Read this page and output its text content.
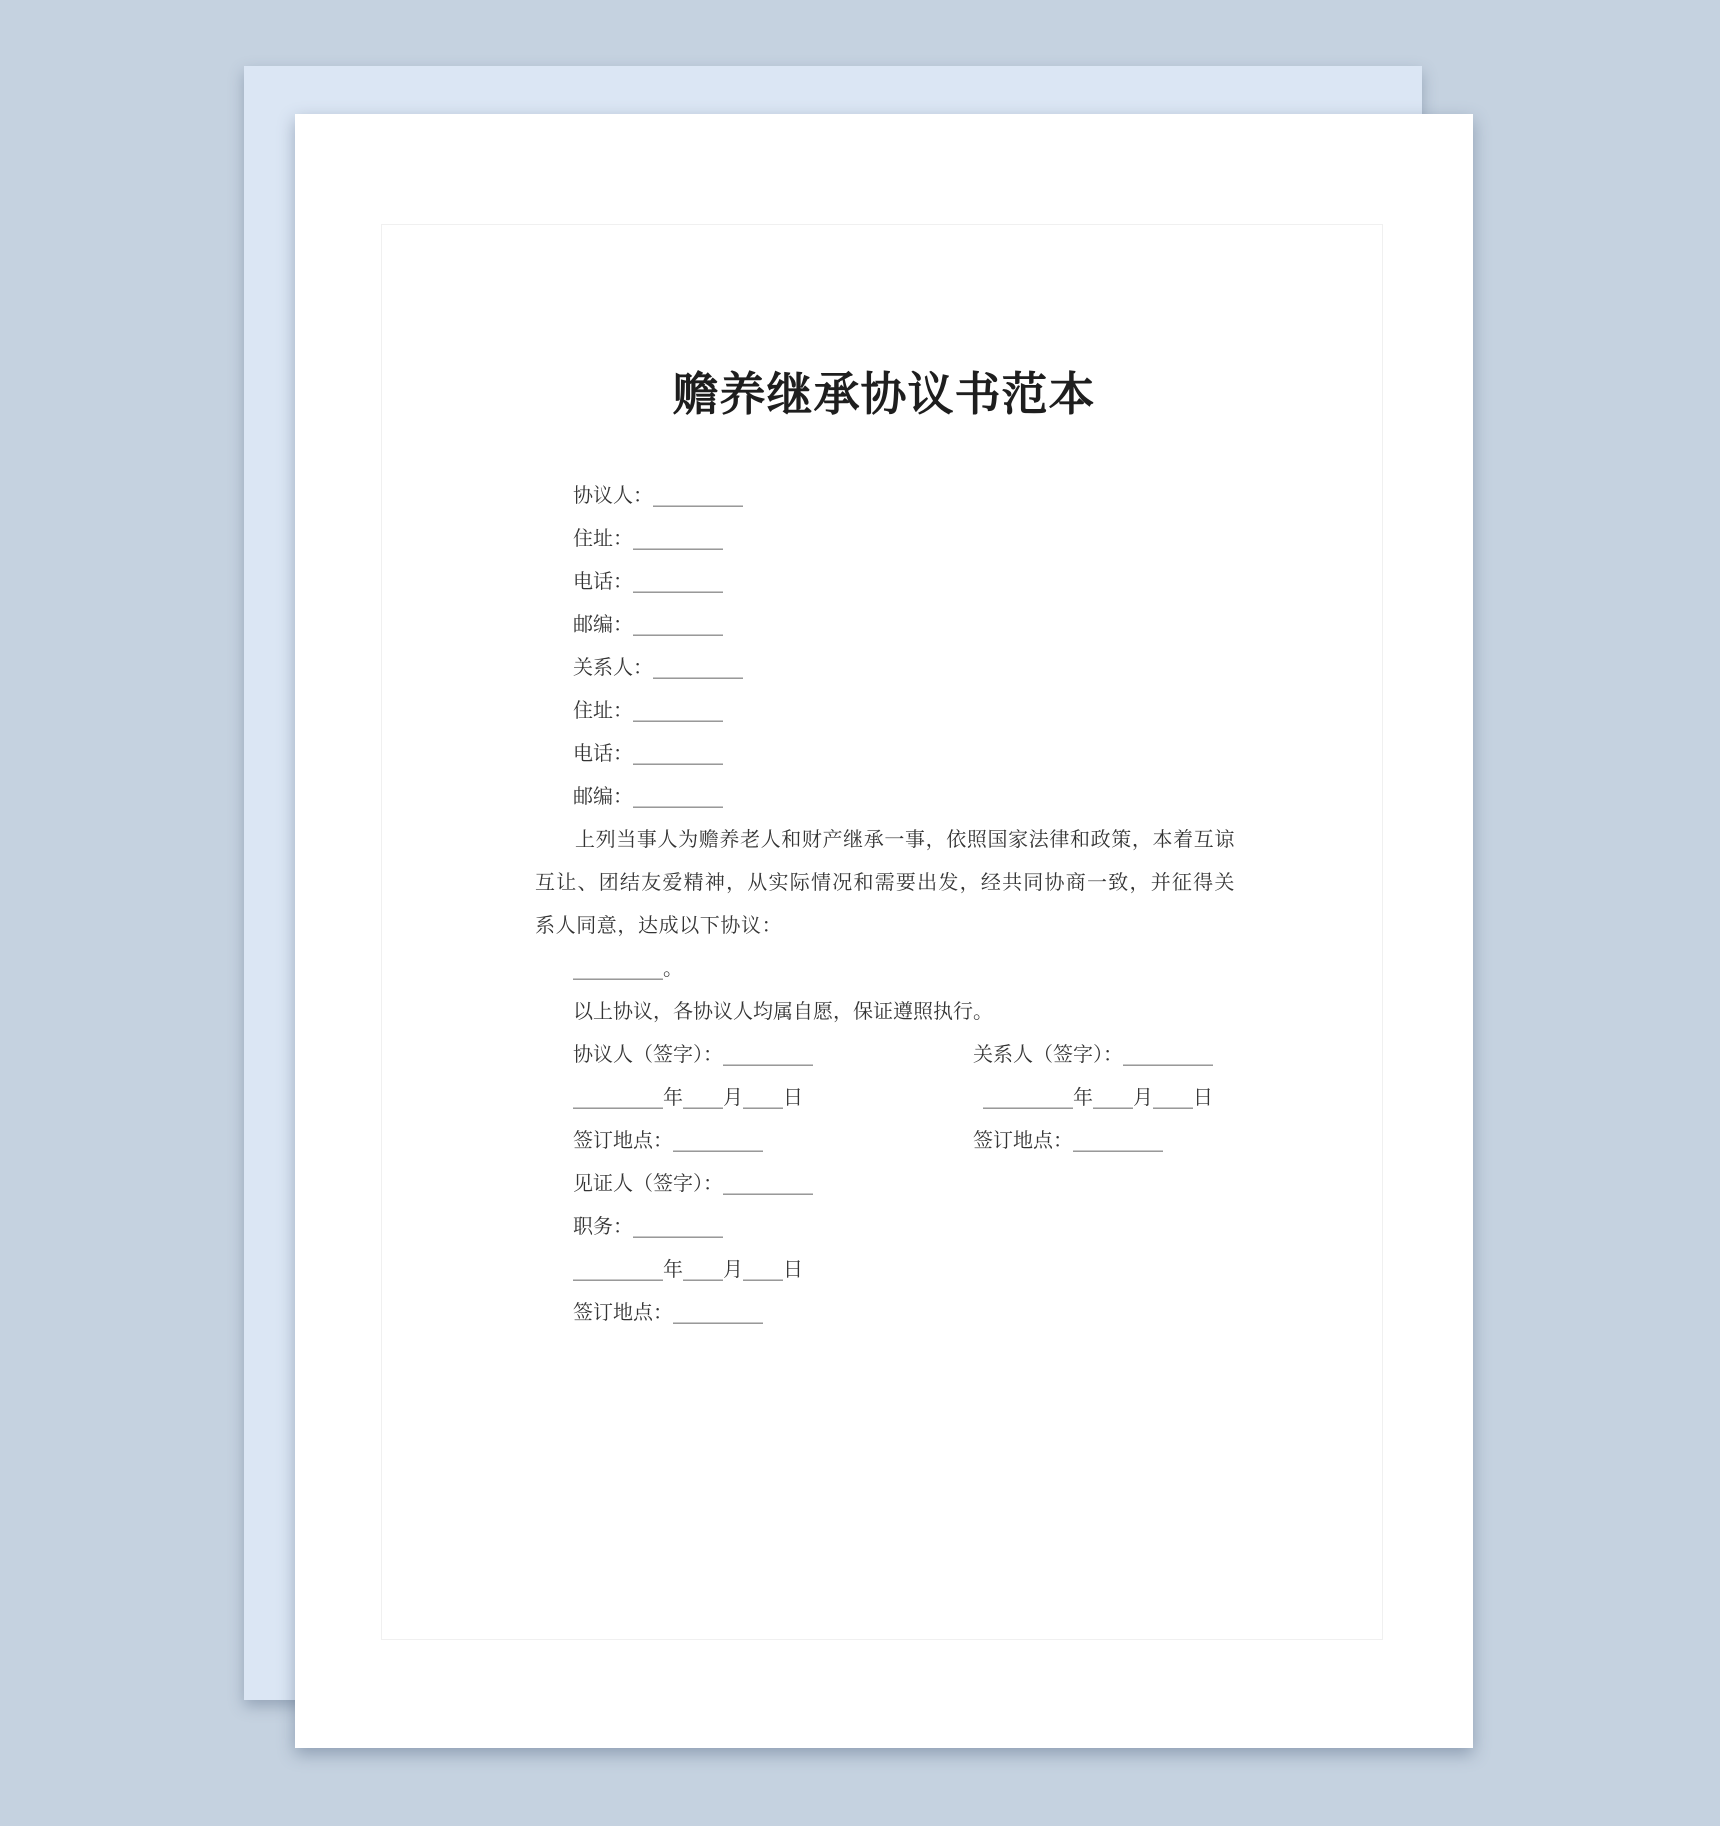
赡养继承协议书范本
协议人：_________
住址：_________
电话：_________
邮编：_________
关系人：_________
住址：_________
电话：_________
邮编：_________

上列当事人为赡养老人和财产继承一事，依照国家法律和政策，本着互谅互让、团结友爱精神，从实际情况和需要出发，经共同协商一致，并征得关系人同意，达成以下协议：

_________。
以上协议，各协议人均属自愿，保证遵照执行。
协议人（签字）：_________	关系人（签字）：_________
_________年____月____日	_________年____月____日
签订地点：_________	签订地点：_________
见证人（签字）：_________
职务：_________
_________年____月____日
签订地点：_________
